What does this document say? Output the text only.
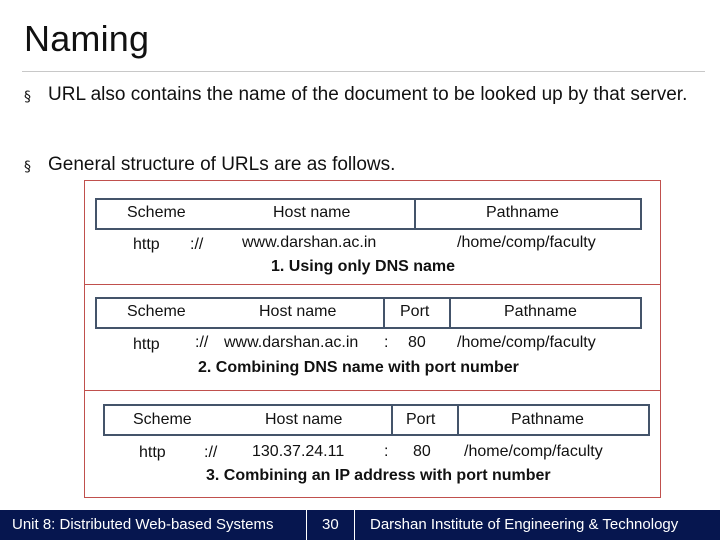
Naming
§ URL also contains the name of the document to be looked up by that server.
§ General structure of URLs are as follows.
Scheme	Host name	Pathname
http :// www.darshan.ac.in	/home/comp/faculty
1. Using only DNS name
Scheme	Host name	Port	Pathname
http :// www.darshan.ac.in : 80 /home/comp/faculty
2. Combining DNS name with port number
Scheme	Host name	Port	Pathname
http :// 130.37.24.11 : 80 /home/comp/faculty
3. Combining an IP address with port number
Unit 8: Distributed Web-based Systems	30 Darshan Institute of Engineering & Technology
